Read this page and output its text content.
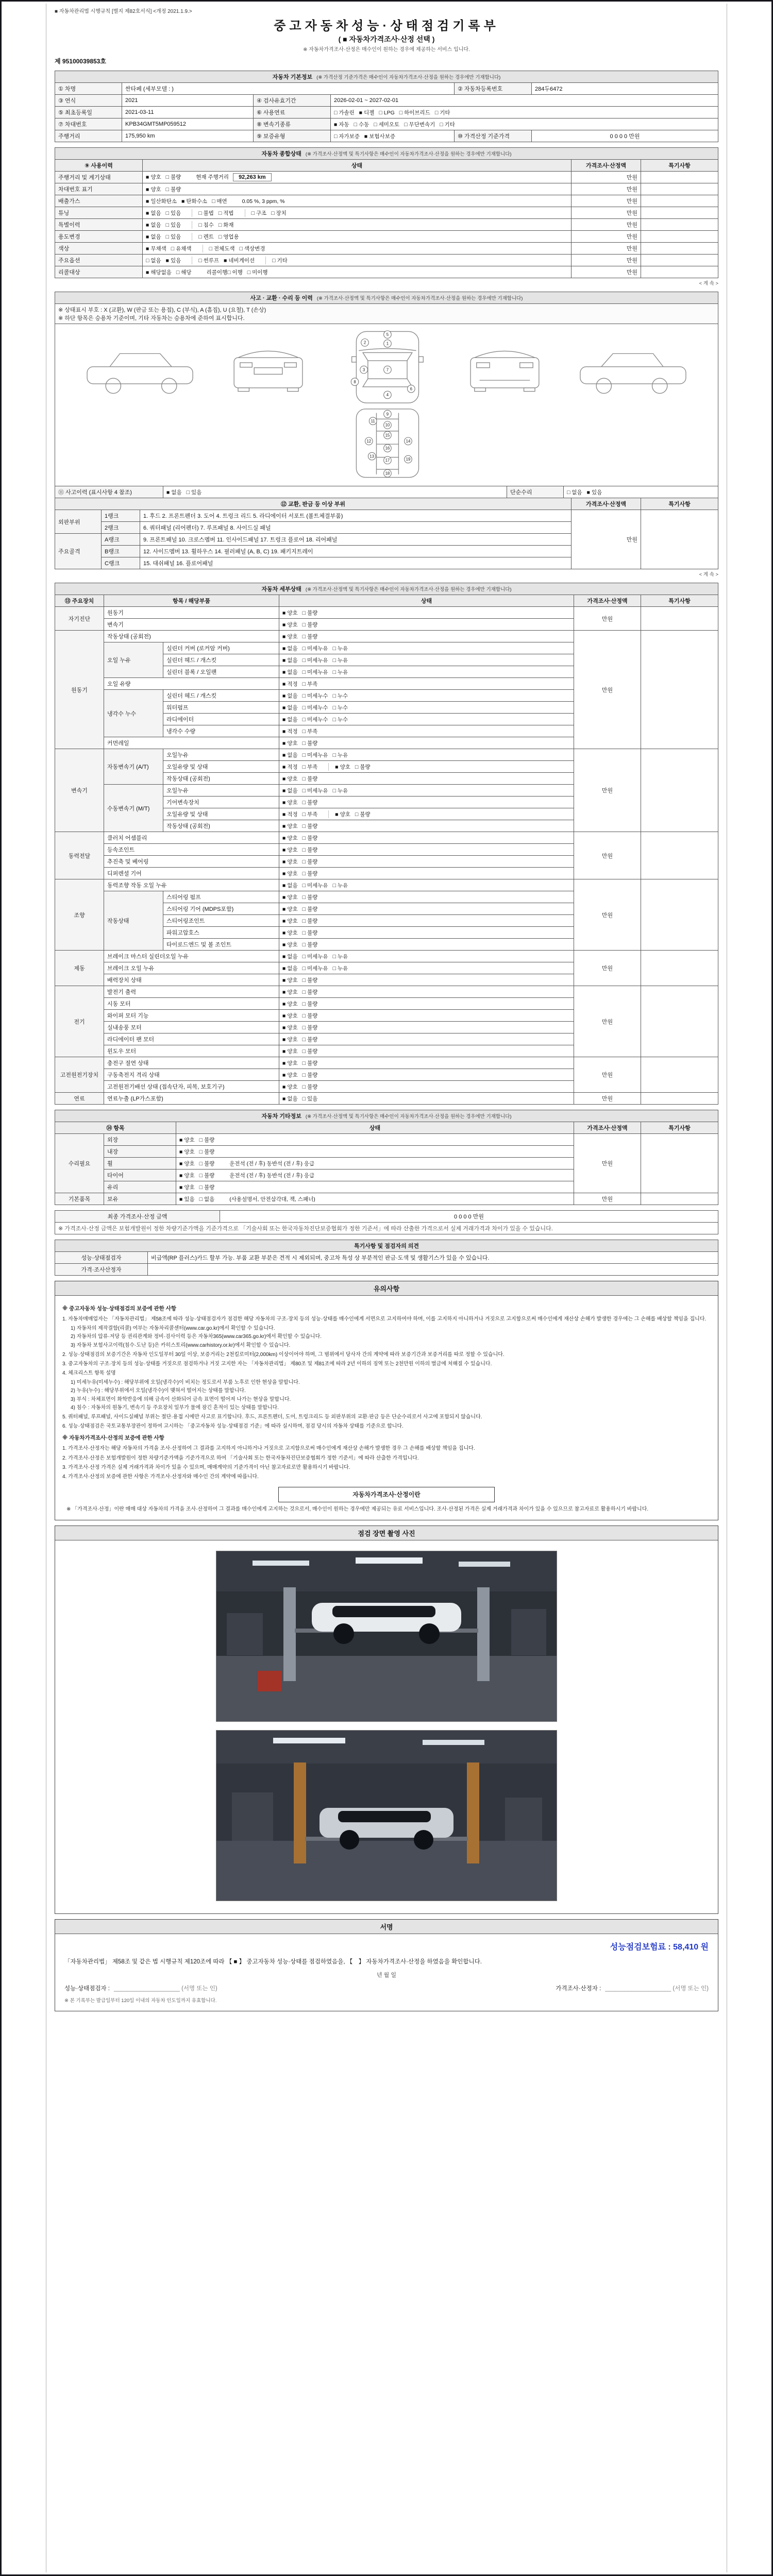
■ 자동차관리법 시행규칙 [별지 제82호서식] <개정 2021.1.9.>
중고자동차성능·상태점검기록부
( ■ 자동차가격조사·산정 선택 )
※ 자동차가격조사·산정은 매수인이 원하는 경우에 제공하는 서비스 입니다.
제 95100039853호
자동차 기본정보 (※ 가격산정 기준가격은 매수인이 자동차가격조사·산정을 원하는 경우에만 기재합니다)					
① 차명	싼타페 (세부모델 : )			② 자동차등록번호	284두6472
③ 연식	2021	④ 검사유효기간	2026-02-01 ~ 2027-02-01		
⑤ 최초등록일	2021-03-11	⑥ 사용연료	□ 가솔린 ■ 디젤 □ LPG □ 하이브리드 □ 기타		
⑦ 차대번호	KPB34GMT5MP059512	⑧ 변속기종류	■ 자동 □ 수동 □ 세미오토 □ 무단변속기 □ 기타		
주행거리	175,950 km	⑨ 보증유형	□ 자가보증 ■ 보험사보증	⑩ 가격산정 기준가격	0 0 0 0 만원
자동차 종합상태 (※ 가격조사·산정액 및 특기사항은 매수인이 자동차가격조사·산정을 원하는 경우에만 기재합니다)			
⑨ 사용이력	상태	가격조사·산정액	특기사항
주행거리 및 계기상태	■ 양호 □ 불량 현재 주행거리 92,263 km	만원	
차대번호 표기	■ 양호 □ 불량	만원	
배출가스	■ 일산화탄소 ■ 탄화수소 □ 매연 0.05 %, 3 ppm, %	만원	
튜닝	■ 없음 □ 있음 □ 불법 □ 적법 □ 구조 □ 장치	만원	
특별이력	■ 없음 □ 있음 □ 침수 □ 화재	만원	
용도변경	■ 없음 □ 있음 □ 렌트 □ 영업용	만원	
색상	■ 무채색 □ 유채색 □ 전체도색 □ 색상변경	만원	
주요옵션	□ 없음 ■ 있음 □ 썬루프 ■ 네비게이션 □ 기타	만원	
리콜대상	■ 해당없음 □ 해당 리콜이행□ 이행 □ 미이행	만원	
< 계 속 >
사고 · 교환 · 수리 등 이력 (※ 가격조사·산정액 및 특기사항은 매수인이 자동차가격조사·산정을 원하는 경우에만 기재합니다)

※ 상태표시 부호 : X (교환), W (판금 또는 용접), C (부식), A (흠집), U (요철), T (손상)
※ 하단 항목은 승용차 기준이며, 기타 자동차는 승용차에 준하여 표시합니다.

1
2
3
4
5
6
7
8
9
10
11
12
13
14
15
16
17
18
19

⑪ 사고이력 (표시사항 4 참조)	■ 없음 □ 있음	단순수리	□ 없음 ■ 있음
⑫ 교환, 판금 등 이상 부위			가격조사·산정액	특기사항
외판부위	1랭크	1. 후드 2. 프론트펜더 3. 도어 4. 트렁크 리드 5. 라디에이터 서포트 (볼트체결부품)	만원	
	2랭크	6. 쿼터패널 (리어펜더) 7. 루프패널 8. 사이드실 패널		
주요골격	A랭크	9. 프론트패널 10. 크로스멤버 11. 인사이드패널 17. 트렁크 플로어 18. 리어패널		
	B랭크	12. 사이드멤버 13. 휠하우스 14. 필러패널 (A, B, C) 19. 패키지트레이		
	C랭크	15. 대쉬패널 16. 플로어패널		
< 계 속 >
자동차 세부상태 (※ 가격조사·산정액 및 특기사항은 매수인이 자동차가격조사·산정을 원하는 경우에만 기재합니다)					
⑬ 주요장치	항목 / 해당부품		상태	가격조사·산정액	특기사항
자기진단	원동기		■ 양호 □ 불량	만원	
	변속기		■ 양호 □ 불량		
원동기	작동상태 (공회전)		■ 양호 □ 불량	만원	
	오일 누유	실린더 커버 (로커암 커버)	■ 없음 □ 미세누유 □ 누유		
		실린더 헤드 / 개스킷	■ 없음 □ 미세누유 □ 누유		
		실린더 블록 / 오일팬	■ 없음 □ 미세누유 □ 누유		
	오일 유량		■ 적정 □ 부족		
	냉각수 누수	실린더 헤드 / 개스킷	■ 없음 □ 미세누수 □ 누수		
		워터펌프	■ 없음 □ 미세누수 □ 누수		
		라디에이터	■ 없음 □ 미세누수 □ 누수		
		냉각수 수량	■ 적정 □ 부족		
	커먼레일		■ 양호 □ 불량		
변속기	자동변속기 (A/T)	오일누유	■ 없음 □ 미세누유 □ 누유	만원	
		오일유량 및 상태	■ 적정 □ 부족 ■ 양호 □ 불량		
		작동상태 (공회전)	■ 양호 □ 불량		
	수동변속기 (M/T)	오일누유	■ 없음 □ 미세누유 □ 누유		
		기어변속장치	■ 양호 □ 불량		
		오일유량 및 상태	■ 적정 □ 부족 ■ 양호 □ 불량		
		작동상태 (공회전)	■ 양호 □ 불량		
동력전달	클러치 어셈블리		■ 양호 □ 불량	만원	
	등속조인트		■ 양호 □ 불량		
	추진축 및 베어링		■ 양호 □ 불량		
	디퍼렌셜 기어		■ 양호 □ 불량		
조향	동력조향 작동 오일 누유		■ 없음 □ 미세누유 □ 누유	만원	
	작동상태	스티어링 펌프	■ 양호 □ 불량		
		스티어링 기어 (MDPS포함)	■ 양호 □ 불량		
		스티어링조인트	■ 양호 □ 불량		
		파워고압호스	■ 양호 □ 불량		
		타이로드엔드 및 볼 조인트	■ 양호 □ 불량		
제동	브레이크 마스터 실린더오일 누유		■ 없음 □ 미세누유 □ 누유	만원	
	브레이크 오일 누유		■ 없음 □ 미세누유 □ 누유		
	배력장치 상태		■ 양호 □ 불량		
전기	발전기 출력		■ 양호 □ 불량	만원	
	시동 모터		■ 양호 □ 불량		
	와이퍼 모터 기능		■ 양호 □ 불량		
	실내송풍 모터		■ 양호 □ 불량		
	라디에이터 팬 모터		■ 양호 □ 불량		
	윈도우 모터		■ 양호 □ 불량		
고전원전기장치	충전구 절연 상태		■ 양호 □ 불량	만원	
	구동축전지 격리 상태		■ 양호 □ 불량		
	고전원전기배선 상태 (접속단자, 피복, 보호기구)		■ 양호 □ 불량		
연료	연료누출 (LP가스포함)		■ 없음 □ 있음	만원	
자동차 기타정보 (※ 가격조사·산정액 및 특기사항은 매수인이 자동차가격조사·산정을 원하는 경우에만 기재합니다)				
⑭ 항목		상태	가격조사·산정액	특기사항
수리필요	외장	■ 양호 □ 불량	만원	
	내장	■ 양호 □ 불량		
	휠	■ 양호 □ 불량 운전석 (전 / 후) 동반석 (전 / 후) 응급		
	타이어	■ 양호 □ 불량 운전석 (전 / 후) 동반석 (전 / 후) 응급		
	유리	■ 양호 □ 불량		
기본품목	보유	■ 있음 □ 없음 (사용설명서, 안전삼각대, 잭, 스패너)	만원	
최종 가격조사·산정 금액	0 0 0 0 만원
※ 가격조사·산정 금액은 보험개발원이 정한 차량기준가액을 기준가격으로 「기술사회 또는 한국자동차진단보증협회가 정한 기준서」에 따라 산출한 가격으로서 실제 거래가격과 차이가 있을 수 있습니다.
특기사항 및 점검자의 의견	
성능·상태점검자	비급액(RP 플러스)카드 할부 가능. 부품 교환 부분은 견적 시 제외되며, 중고차 특성 상 부분적인 판금·도색 및 생활기스가 있을 수 있습니다.
가격·조사산정자	
유의사항
※ 중고자동차 성능·상태점검의 보증에 관한 사항
1. 자동차매매업자는 「자동차관리법」 제58조에 따라 성능·상태점검자가 점검한 해당 자동차의 구조·장치 등의 성능·상태를 매수인에게 서면으로 고지하여야 하며, 이를 고지하지 아니하거나 거짓으로 고지함으로써 매수인에게 재산상 손해가 발생한 경우에는 그 손해를 배상할 책임을 집니다.
1) 자동차의 제작결함(리콜) 여부는 자동차리콜센터(www.car.go.kr)에서 확인할 수 있습니다.
2) 자동차의 압류·저당 등 권리관계와 정비·검사이력 등은 자동차365(www.car365.go.kr)에서 확인할 수 있습니다.
3) 자동차 보험사고이력(침수·도난 등)은 카히스토리(www.carhistory.or.kr)에서 확인할 수 있습니다.
2. 성능·상태점검의 보증기간은 자동차 인도일부터 30일 이상, 보증거리는 2천킬로미터(2,000km) 이상이어야 하며, 그 범위에서 당사자 간의 계약에 따라 보증기간과 보증거리를 따로 정할 수 있습니다.
3. 중고자동차의 구조·장치 등의 성능·상태를 거짓으로 점검하거나 거짓 고지한 자는 「자동차관리법」 제80조 및 제81조에 따라 2년 이하의 징역 또는 2천만원 이하의 벌금에 처해질 수 있습니다.
4. 체크리스트 항목 설명
1) 미세누유(미세누수) : 해당부위에 오일(냉각수)이 비치는 정도로서 부품 노후로 인한 현상을 말합니다.
2) 누유(누수) : 해당부위에서 오일(냉각수)이 맺혀서 떨어지는 상태를 말합니다.
3) 부식 : 차체표면이 화학반응에 의해 금속이 산화되어 금속 표면이 떨어져 나가는 현상을 말합니다.
4) 침수 : 자동차의 원동기, 변속기 등 주요장치 일부가 물에 잠긴 흔적이 있는 상태를 말합니다.
5. 쿼터패널, 루프패널, 사이드실패널 부위는 절단·용접 시에만 사고로 표기합니다. 후드, 프론트펜더, 도어, 트렁크리드 등 외판부위의 교환·판금 등은 단순수리로서 사고에 포함되지 않습니다.
6. 성능·상태점검은 국토교통부장관이 정하여 고시하는 「중고자동차 성능·상태점검 기준」에 따라 실시하며, 점검 당시의 자동차 상태를 기준으로 합니다.
※ 자동차가격조사·산정의 보증에 관한 사항
1. 가격조사·산정자는 해당 자동차의 가격을 조사·산정하여 그 결과를 고지하지 아니하거나 거짓으로 고지함으로써 매수인에게 재산상 손해가 발생한 경우 그 손해를 배상할 책임을 집니다.
2. 가격조사·산정은 보험개발원이 정한 차량기준가액을 기준가격으로 하여 「기술사회 또는 한국자동차진단보증협회가 정한 기준서」에 따라 산출한 가격입니다.
3. 가격조사·산정 가격은 실제 거래가격과 차이가 있을 수 있으며, 매매계약의 기준가격이 아닌 참고자료로만 활용하시기 바랍니다.
4. 가격조사·산정의 보증에 관한 사항은 가격조사·산정자와 매수인 간의 계약에 따릅니다.
자동차가격조사·산정이란
※ 「가격조사·산정」이란 매매 대상 자동차의 가격을 조사·산정하여 그 결과를 매수인에게 고지하는 것으로서, 매수인이 원하는 경우에만 제공되는 유료 서비스입니다. 조사·산정된 가격은 실제 거래가격과 차이가 있을 수 있으므로 참고자료로 활용하시기 바랍니다.
점검 장면 촬영 사진

서명
성능점검보험료 : 58,410 원
「자동차관리법」 제58조 및 같은 법 시행규칙 제120조에 따라 【 ■ 】 중고자동차 성능·상태를 점검하였음을, 【　】 자동차가격조사·산정을 하였음을 확인합니다.
년 월 일
성능·상태점검자 : ____________________ (서명 또는 인)	가격조사·산정자 : ____________________ (서명 또는 인)
※ 본 기록부는 발급일부터 120일 이내의 자동차 인도일까지 유효합니다.
